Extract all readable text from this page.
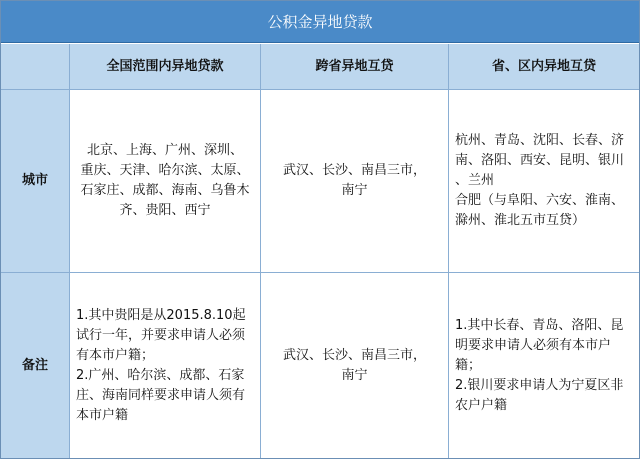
公积金异地贷款
全国范围内异地贷款	跨省异地互贷	省、区内异地互贷
城市
北京、上海、广州、深圳、
重庆、天津、哈尔滨、太原、
石家庄、成都、海南、乌鲁木
齐、贵阳、西宁
武汉、长沙、南昌三市，
南宁
杭州、青岛、沈阳、长春、济
南、洛阳、西安、昆明、银川
、兰州
合肥（与阜阳、六安、淮南、
滁州、淮北五市互贷）
备注
1.其中贵阳是从2015.8.10起
试行一年，并要求申请人必须
有本市户籍；
2.广州、哈尔滨、成都、石家
庄、海南同样要求申请人须有
本市户籍
武汉、长沙、南昌三市，
南宁
1.其中长春、青岛、洛阳、昆
明要求申请人必须有本市户
籍；
2.银川要求申请人为宁夏区非
农户户籍
